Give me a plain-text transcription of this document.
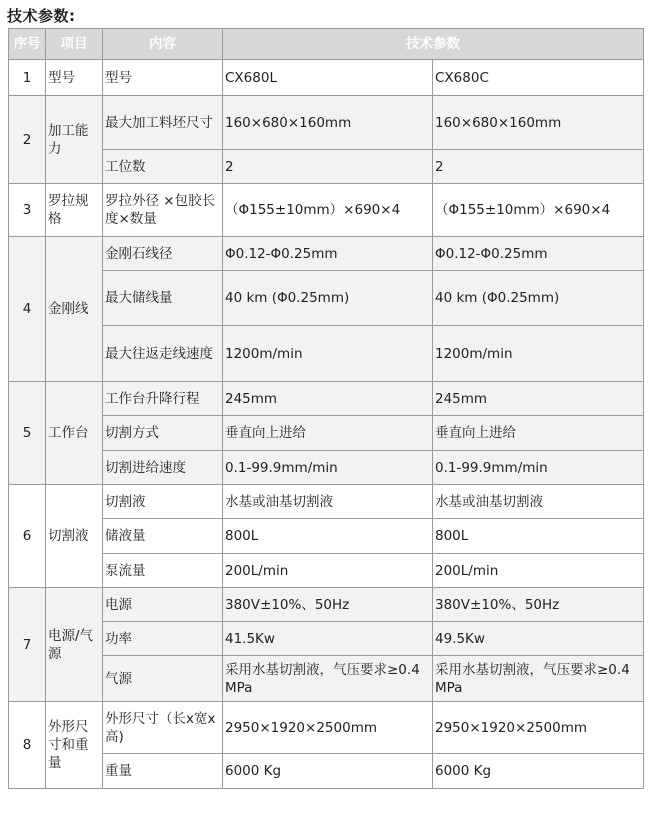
技术参数:
序号	项目	内容	技术参数	
1	型号	型号	CX680L	CX680C
2	加工能力	最大加工料坯尺寸	160×680×160mm	160×680×160mm
		工位数	2	2
3	罗拉规格	罗拉外径 ×包胶长度×数量	（Φ155±10mm）×690×4	（Φ155±10mm）×690×4
4	金刚线	金刚石线径	Φ0.12-Φ0.25mm	Φ0.12-Φ0.25mm
		最大储线量	40 km (Φ0.25mm)	40 km (Φ0.25mm)
		最大往返走线速度	1200m/min	1200m/min
5	工作台	工作台升降行程	245mm	245mm
		切割方式	垂直向上进给	垂直向上进给
		切割进给速度	0.1-99.9mm/min	0.1-99.9mm/min
6	切割液	切割液	水基或油基切割液	水基或油基切割液
		储液量	800L	800L
		泵流量	200L/min	200L/min
7	电源/气源	电源	380V±10%、50Hz	380V±10%、50Hz
		功率	41.5Kw	49.5Kw
		气源	采用水基切割液，气压要求≥0.4 MPa	采用水基切割液，气压要求≥0.4 MPa
8	外形尺寸和重量	外形尺寸（长x宽x高)	2950×1920×2500mm	2950×1920×2500mm
		重量	6000 Kg	6000 Kg
